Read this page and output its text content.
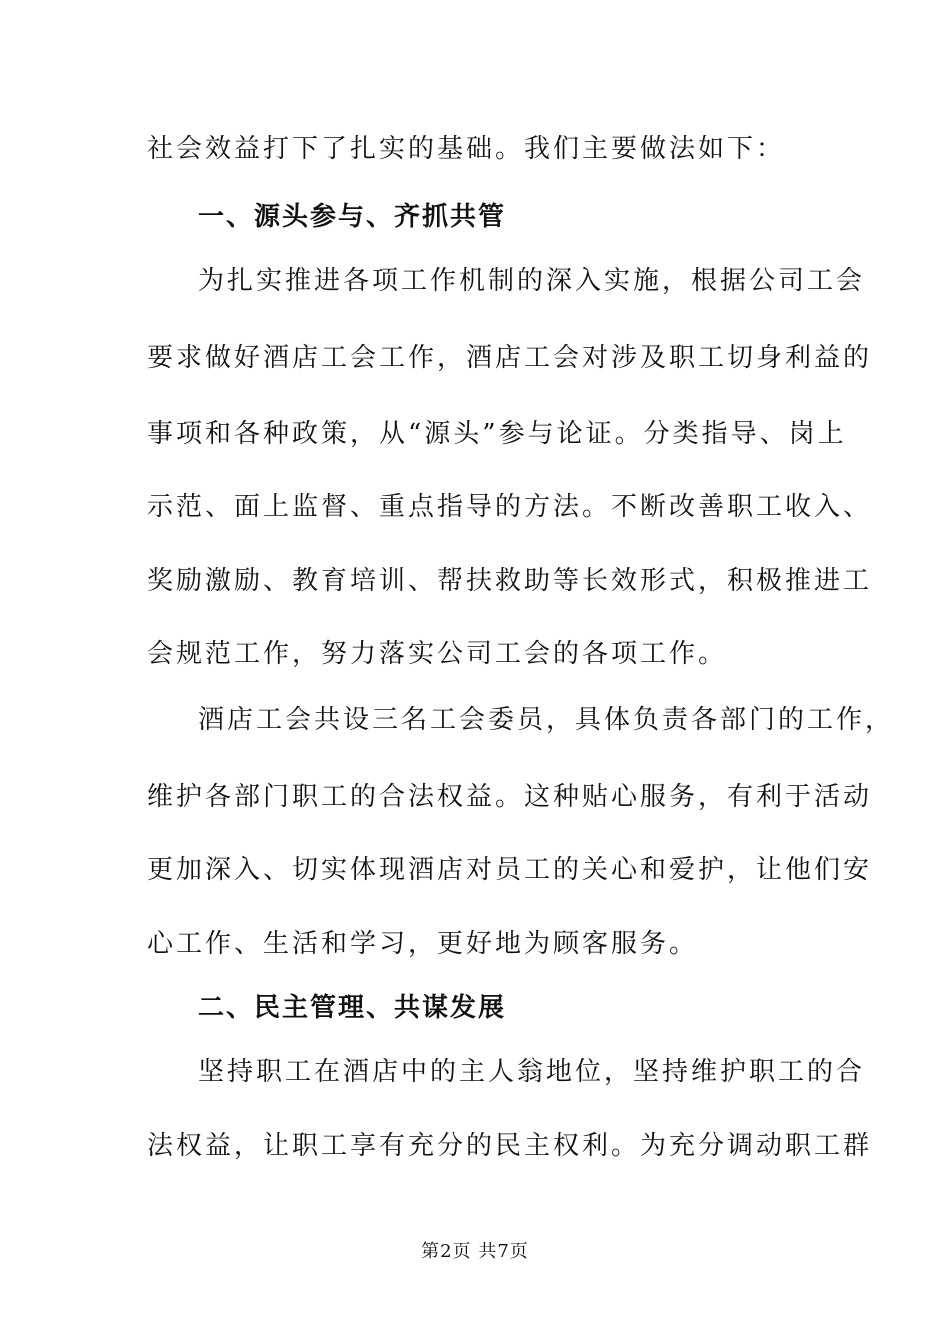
社会效益打下了扎实的基础。我们主要做法如下：
一、源头参与、齐抓共管
为扎实推进各项工作机制的深入实施，根据公司工会
要求做好酒店工会工作，酒店工会对涉及职工切身利益的
事项和各种政策，从“源头”参与论证。分类指导、岗上
示范、面上监督、重点指导的方法。不断改善职工收入、
奖励激励、教育培训、帮扶救助等长效形式，积极推进工
会规范工作，努力落实公司工会的各项工作。
酒店工会共设三名工会委员，具体负责各部门的工作，
维护各部门职工的合法权益。这种贴心服务，有利于活动
更加深入、切实体现酒店对员工的关心和爱护，让他们安
心工作、生活和学习，更好地为顾客服务。
二、民主管理、共谋发展
坚持职工在酒店中的主人翁地位，坚持维护职工的合
法权益，让职工享有充分的民主权利。为充分调动职工群
第2页 共7页
